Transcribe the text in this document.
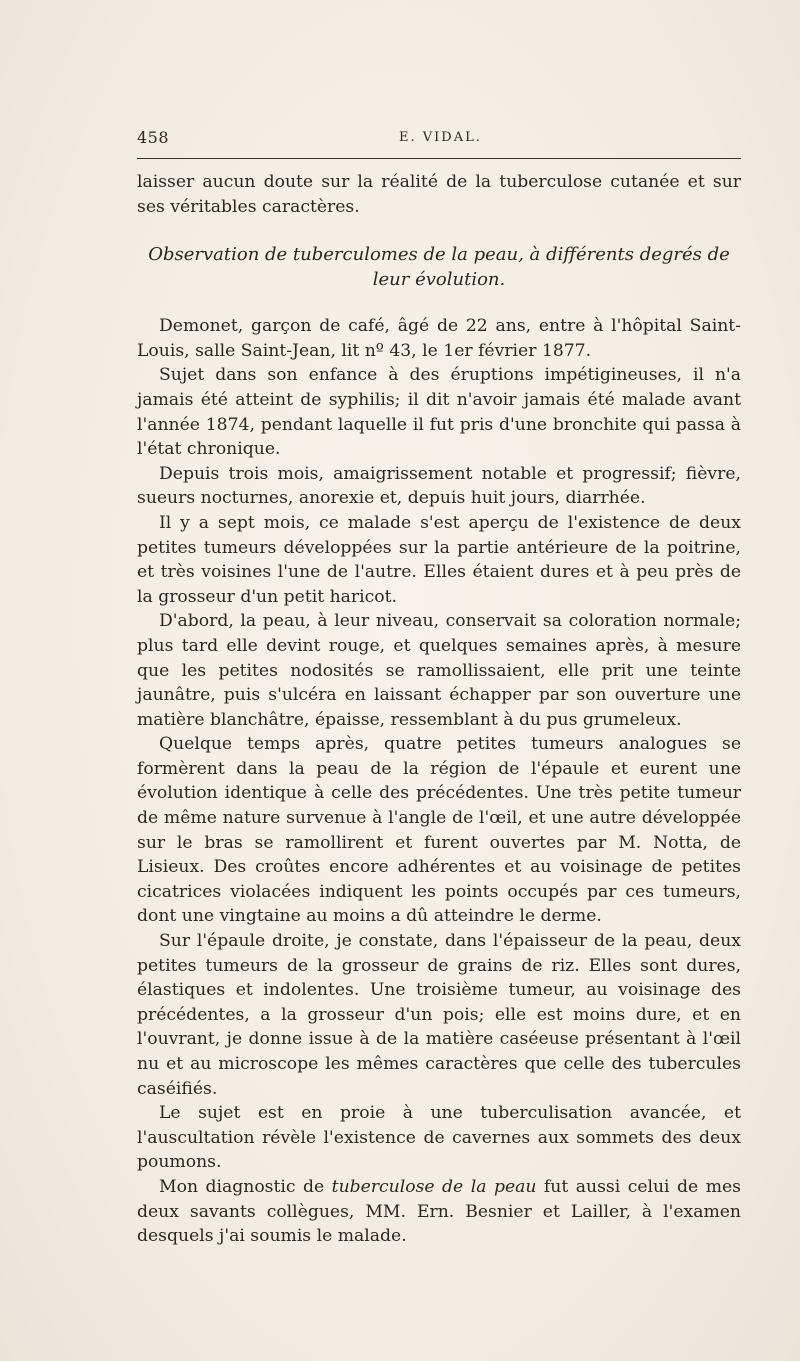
458	E. VIDAL.

laisser aucun doute sur la réalité de la tuberculose cutanée et sur ses véritables caractères.

Observation de tuberculomes de la peau, à différents degrés de leur évolution.

Demonet, garçon de café, âgé de 22 ans, entre à l'hôpital Saint-Louis, salle Saint-Jean, lit nº 43, le 1er février 1877.

Sujet dans son enfance à des éruptions impétigineuses, il n'a jamais été atteint de syphilis; il dit n'avoir jamais été malade avant l'année 1874, pendant laquelle il fut pris d'une bronchite qui passa à l'état chronique.

Depuis trois mois, amaigrissement notable et progressif; fièvre, sueurs nocturnes, anorexie et, depuis huit jours, diarrhée.

Il y a sept mois, ce malade s'est aperçu de l'existence de deux petites tumeurs développées sur la partie antérieure de la poitrine, et très voisines l'une de l'autre. Elles étaient dures et à peu près de la grosseur d'un petit haricot.

D'abord, la peau, à leur niveau, conservait sa coloration normale; plus tard elle devint rouge, et quelques semaines après, à mesure que les petites nodosités se ramollissaient, elle prit une teinte jaunâtre, puis s'ulcéra en laissant échapper par son ouverture une matière blanchâtre, épaisse, ressemblant à du pus grumeleux.

Quelque temps après, quatre petites tumeurs analogues se formèrent dans la peau de la région de l'épaule et eurent une évolution identique à celle des précédentes. Une très petite tumeur de même nature survenue à l'angle de l'œil, et une autre développée sur le bras se ramollirent et furent ouvertes par M. Notta, de Lisieux. Des croûtes encore adhérentes et au voisinage de petites cicatrices violacées indiquent les points occupés par ces tumeurs, dont une vingtaine au moins a dû atteindre le derme.

Sur l'épaule droite, je constate, dans l'épaisseur de la peau, deux petites tumeurs de la grosseur de grains de riz. Elles sont dures, élastiques et indolentes. Une troisième tumeur, au voisinage des précédentes, a la grosseur d'un pois; elle est moins dure, et en l'ouvrant, je donne issue à de la matière caséeuse présentant à l'œil nu et au microscope les mêmes caractères que celle des tubercules caséifiés.

Le sujet est en proie à une tuberculisation avancée, et l'auscultation révèle l'existence de cavernes aux sommets des deux poumons.

Mon diagnostic de tuberculose de la peau fut aussi celui de mes deux savants collègues, MM. Ern. Besnier et Lailler, à l'examen desquels j'ai soumis le malade.
